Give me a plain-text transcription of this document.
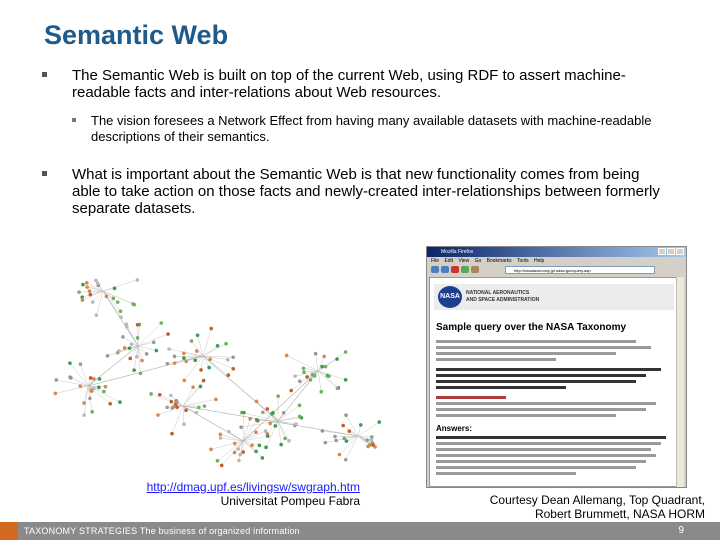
Semantic Web
The Semantic Web is built on top of the current Web, using RDF to assert machine-readable facts and inter-relations about Web resources.
The vision foresees a Network Effect from having many available datasets with machine-readable descriptions of their semantics.
What is important about the Semantic Web is that new functionality comes from being able to take action on those facts and newly-created inter-relationships between formerly separate datasets.
http://dmag.upf.es/livingsw/swgraph.htm
Universitat Pompeu Fabra
Mozilla Firefox
File Edit View Go Bookmarks Tools Help
http://nasataxonomy.jpl.nasa.gov/query.asp
NASA	NATIONAL AERONAUTICS
AND SPACE ADMINISTRATION
Sample query over the NASA Taxonomy
Answers:
Courtesy Dean Allemang, Top Quadrant,
Robert Brummett, NASA HORM
TAXONOMY STRATEGIES The business of organized information	9
